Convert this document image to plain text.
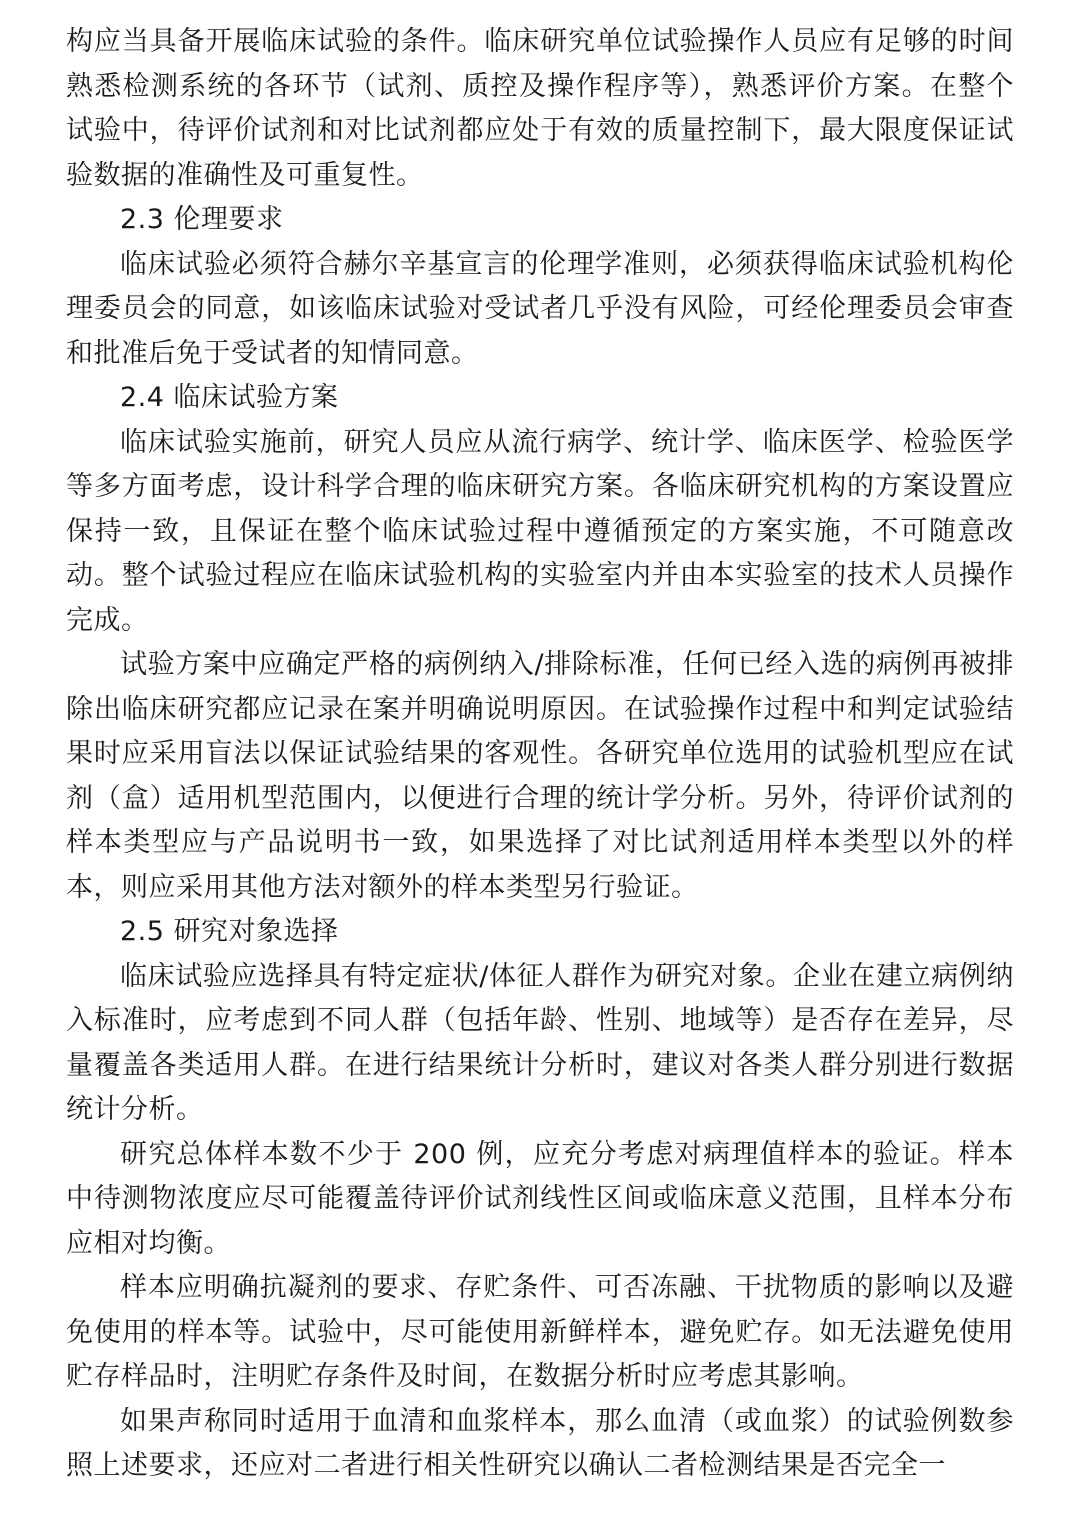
构应当具备开展临床试验的条件。临床研究单位试验操作人员应有足够的时间熟悉检测系统的各环节（试剂、质控及操作程序等），熟悉评价方案。在整个试验中，待评价试剂和对比试剂都应处于有效的质量控制下，最大限度保证试验数据的准确性及可重复性。

2.3 伦理要求

临床试验必须符合赫尔辛基宣言的伦理学准则，必须获得临床试验机构伦理委员会的同意，如该临床试验对受试者几乎没有风险，可经伦理委员会审查和批准后免于受试者的知情同意。

2.4 临床试验方案

临床试验实施前，研究人员应从流行病学、统计学、临床医学、检验医学等多方面考虑，设计科学合理的临床研究方案。各临床研究机构的方案设置应保持一致，且保证在整个临床试验过程中遵循预定的方案实施，不可随意改动。整个试验过程应在临床试验机构的实验室内并由本实验室的技术人员操作完成。

试验方案中应确定严格的病例纳入/排除标准，任何已经入选的病例再被排除出临床研究都应记录在案并明确说明原因。在试验操作过程中和判定试验结果时应采用盲法以保证试验结果的客观性。各研究单位选用的试验机型应在试剂（盒）适用机型范围内，以便进行合理的统计学分析。另外，待评价试剂的样本类型应与产品说明书一致，如果选择了对比试剂适用样本类型以外的样本，则应采用其他方法对额外的样本类型另行验证。

2.5 研究对象选择

临床试验应选择具有特定症状/体征人群作为研究对象。企业在建立病例纳入标准时，应考虑到不同人群（包括年龄、性别、地域等）是否存在差异，尽量覆盖各类适用人群。在进行结果统计分析时，建议对各类人群分别进行数据统计分析。

研究总体样本数不少于 200 例，应充分考虑对病理值样本的验证。样本中待测物浓度应尽可能覆盖待评价试剂线性区间或临床意义范围，且样本分布应相对均衡。

样本应明确抗凝剂的要求、存贮条件、可否冻融、干扰物质的影响以及避免使用的样本等。试验中，尽可能使用新鲜样本，避免贮存。如无法避免使用贮存样品时，注明贮存条件及时间，在数据分析时应考虑其影响。

如果声称同时适用于血清和血浆样本，那么血清（或血浆）的试验例数参照上述要求，还应对二者进行相关性研究以确认二者检测结果是否完全一
